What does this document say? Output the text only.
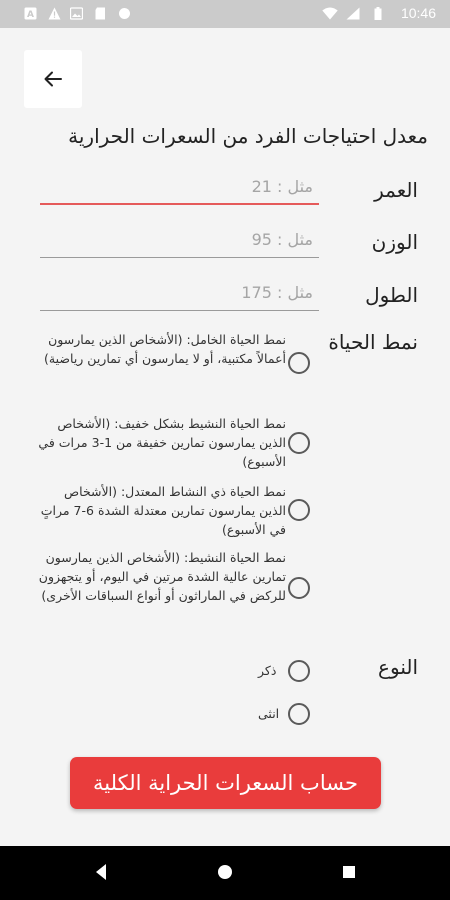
A	10:46
معدل احتياجات الفرد من السعرات الحرارية
العمر
مثل : 21
الوزن
مثل : 95
الطول
مثل : 175
نمط الحياة
نمط الحياة الخامل: (الأشخاص الذين يمارسون أعمالاً مكتبية، أو لا يمارسون أي تمارين رياضية)
نمط الحياة النشيط بشكل خفيف: (الأشخاص الذين يمارسون تمارين خفيفة من 1-3 مرات في الأسبوع)
نمط الحياة ذي النشاط المعتدل: (الأشخاص الذين يمارسون تمارين معتدلة الشدة 6-7 مراتٍ في الأسبوع)
نمط الحياة النشيط: (الأشخاص الذين يمارسون تمارين عالية الشدة مرتين في اليوم، أو يتجهزون للركض في الماراثون أو أنواع السباقات الأخرى)
النوع
ذكر
انثى
حساب السعرات الحراية الكلية
